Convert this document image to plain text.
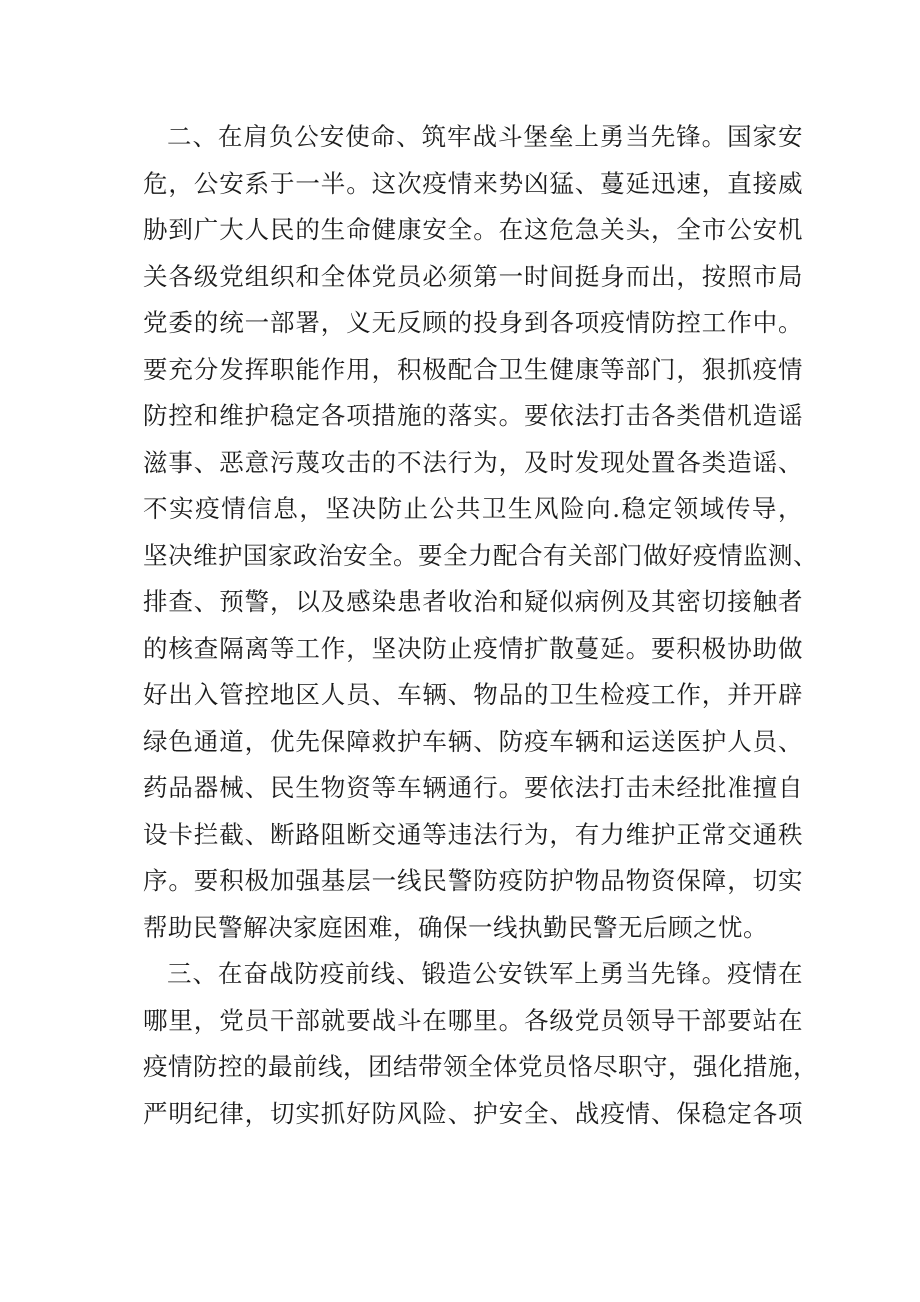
二、在肩负公安使命、筑牢战斗堡垒上勇当先锋。国家安
危，公安系于一半。这次疫情来势凶猛、蔓延迅速，直接威
胁到广大人民的生命健康安全。在这危急关头，全市公安机
关各级党组织和全体党员必须第一时间挺身而出，按照市局
党委的统一部署，义无反顾的投身到各项疫情防控工作中。
要充分发挥职能作用，积极配合卫生健康等部门，狠抓疫情
防控和维护稳定各项措施的落实。要依法打击各类借机造谣
滋事、恶意污蔑攻击的不法行为，及时发现处置各类造谣、
不实疫情信息，坚决防止公共卫生风险向.稳定领域传导，
坚决维护国家政治安全。要全力配合有关部门做好疫情监测、
排查、预警，以及感染患者收治和疑似病例及其密切接触者
的核查隔离等工作，坚决防止疫情扩散蔓延。要积极协助做
好出入管控地区人员、车辆、物品的卫生检疫工作，并开辟
绿色通道，优先保障救护车辆、防疫车辆和运送医护人员、
药品器械、民生物资等车辆通行。要依法打击未经批准擅自
设卡拦截、断路阻断交通等违法行为，有力维护正常交通秩
序。要积极加强基层一线民警防疫防护物品物资保障，切实
帮助民警解决家庭困难，确保一线执勤民警无后顾之忧。
三、在奋战防疫前线、锻造公安铁军上勇当先锋。疫情在
哪里，党员干部就要战斗在哪里。各级党员领导干部要站在
疫情防控的最前线，团结带领全体党员恪尽职守，强化措施，
严明纪律，切实抓好防风险、护安全、战疫情、保稳定各项
